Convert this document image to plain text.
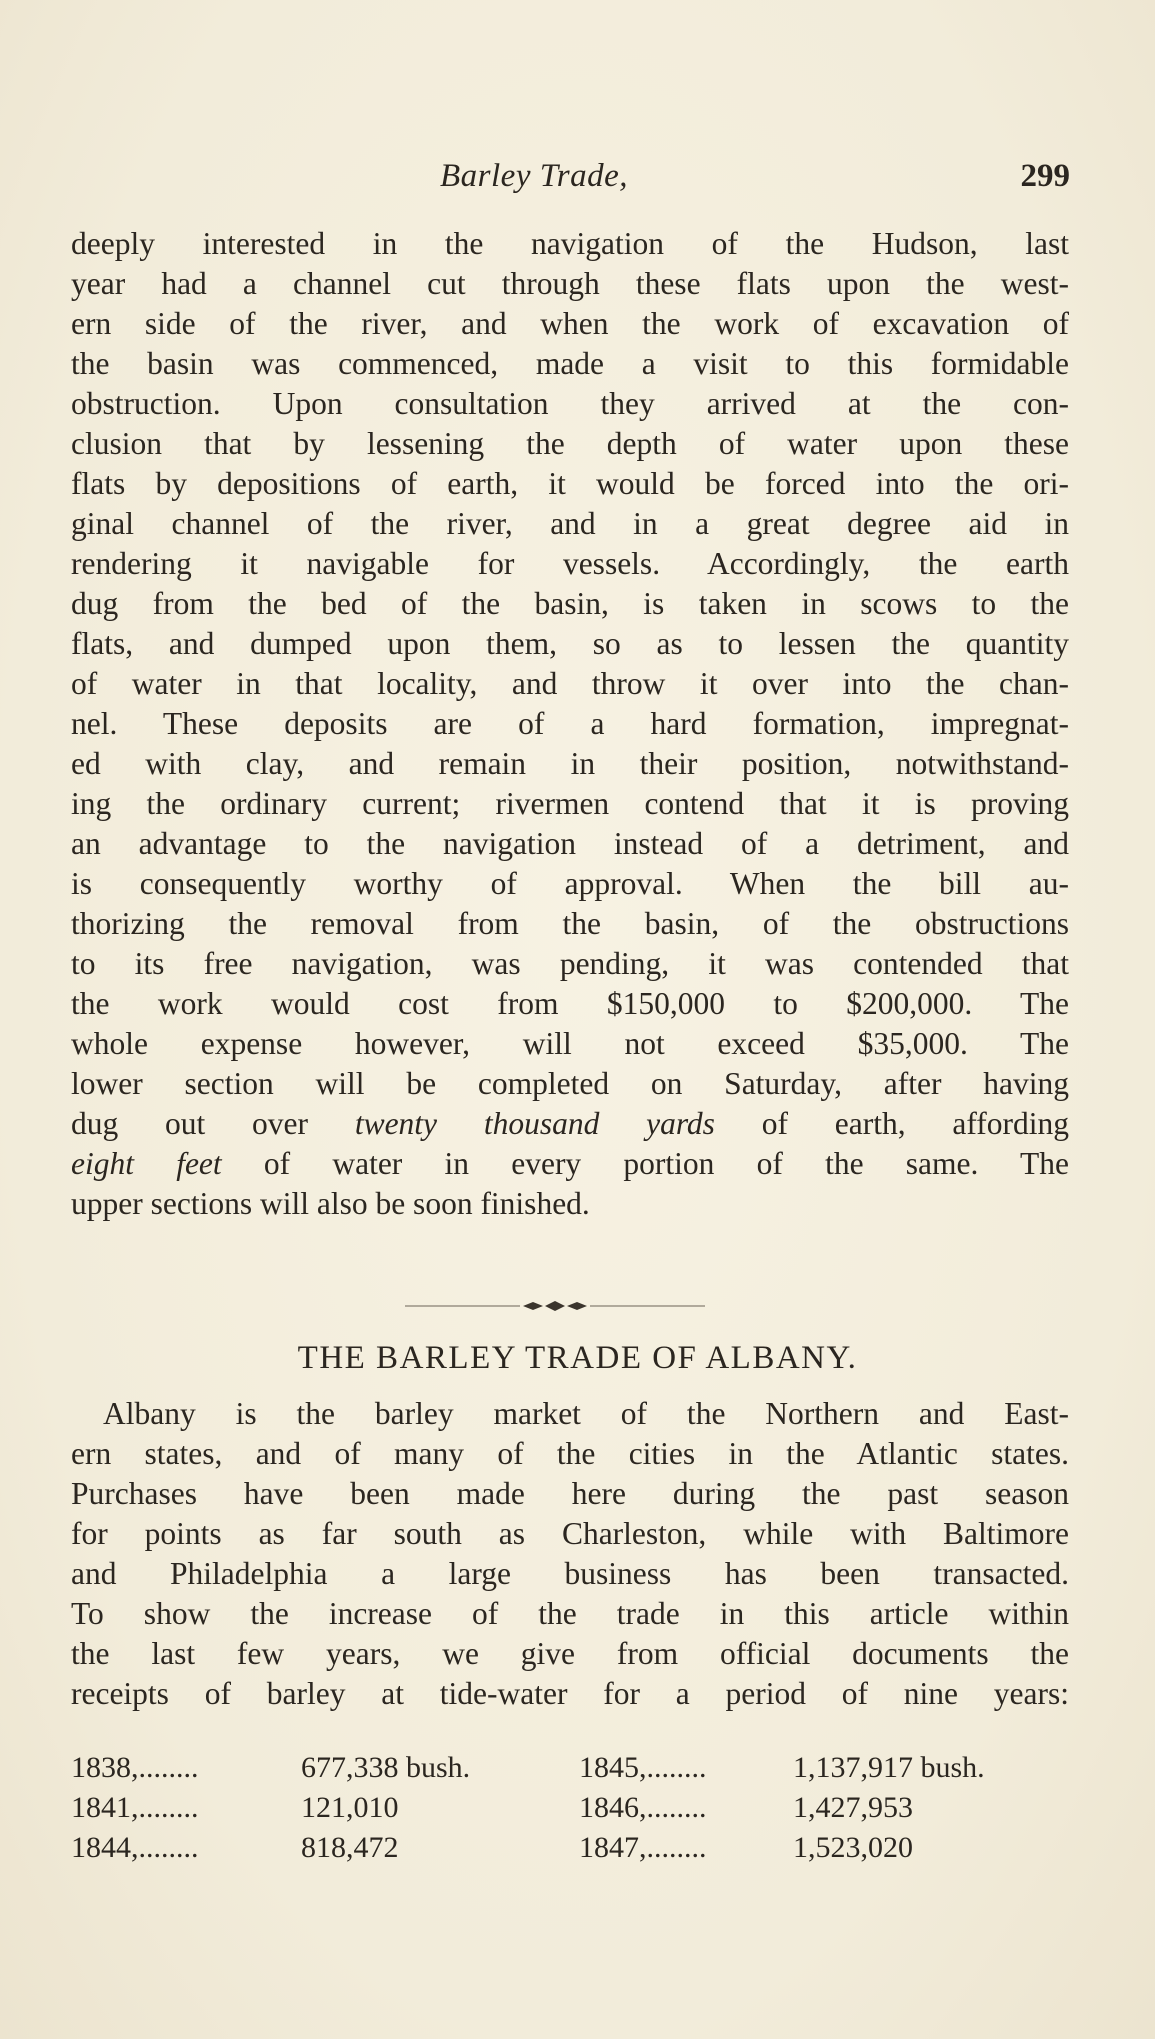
Barley Trade,	299
deeply interested in the navigation of the Hudson, last
year had a channel cut through these flats upon the west-
ern side of the river, and when the work of excavation of
the basin was commenced, made a visit to this formidable
obstruction. Upon consultation they arrived at the con-
clusion that by lessening the depth of water upon these
flats by depositions of earth, it would be forced into the ori-
ginal channel of the river, and in a great degree aid in
rendering it navigable for vessels. Accordingly, the earth
dug from the bed of the basin, is taken in scows to the
flats, and dumped upon them, so as to lessen the quantity
of water in that locality, and throw it over into the chan-
nel. These deposits are of a hard formation, impregnat-
ed with clay, and remain in their position, notwithstand-
ing the ordinary current; rivermen contend that it is proving
an advantage to the navigation instead of a detriment, and
is consequently worthy of approval. When the bill au-
thorizing the removal from the basin, of the obstructions
to its free navigation, was pending, it was contended that
the work would cost from $150,000 to $200,000. The
whole expense however, will not exceed $35,000. The
lower section will be completed on Saturday, after having
dug out over twenty thousand yards of earth, affording
eight feet of water in every portion of the same. The
upper sections will also be soon finished.
THE BARLEY TRADE OF ALBANY.
Albany is the barley market of the Northern and East-
ern states, and of many of the cities in the Atlantic states.
Purchases have been made here during the past season
for points as far south as Charleston, while with Baltimore
and Philadelphia a large business has been transacted.
To show the increase of the trade in this article within
the last few years, we give from official documents the
receipts of barley at tide-water for a period of nine years:
1838,........	677,338 bush.	1845,........	1,137,917 bush.
1841,........	121,010	1846,........	1,427,953
1844,........	818,472	1847,........	1,523,020
